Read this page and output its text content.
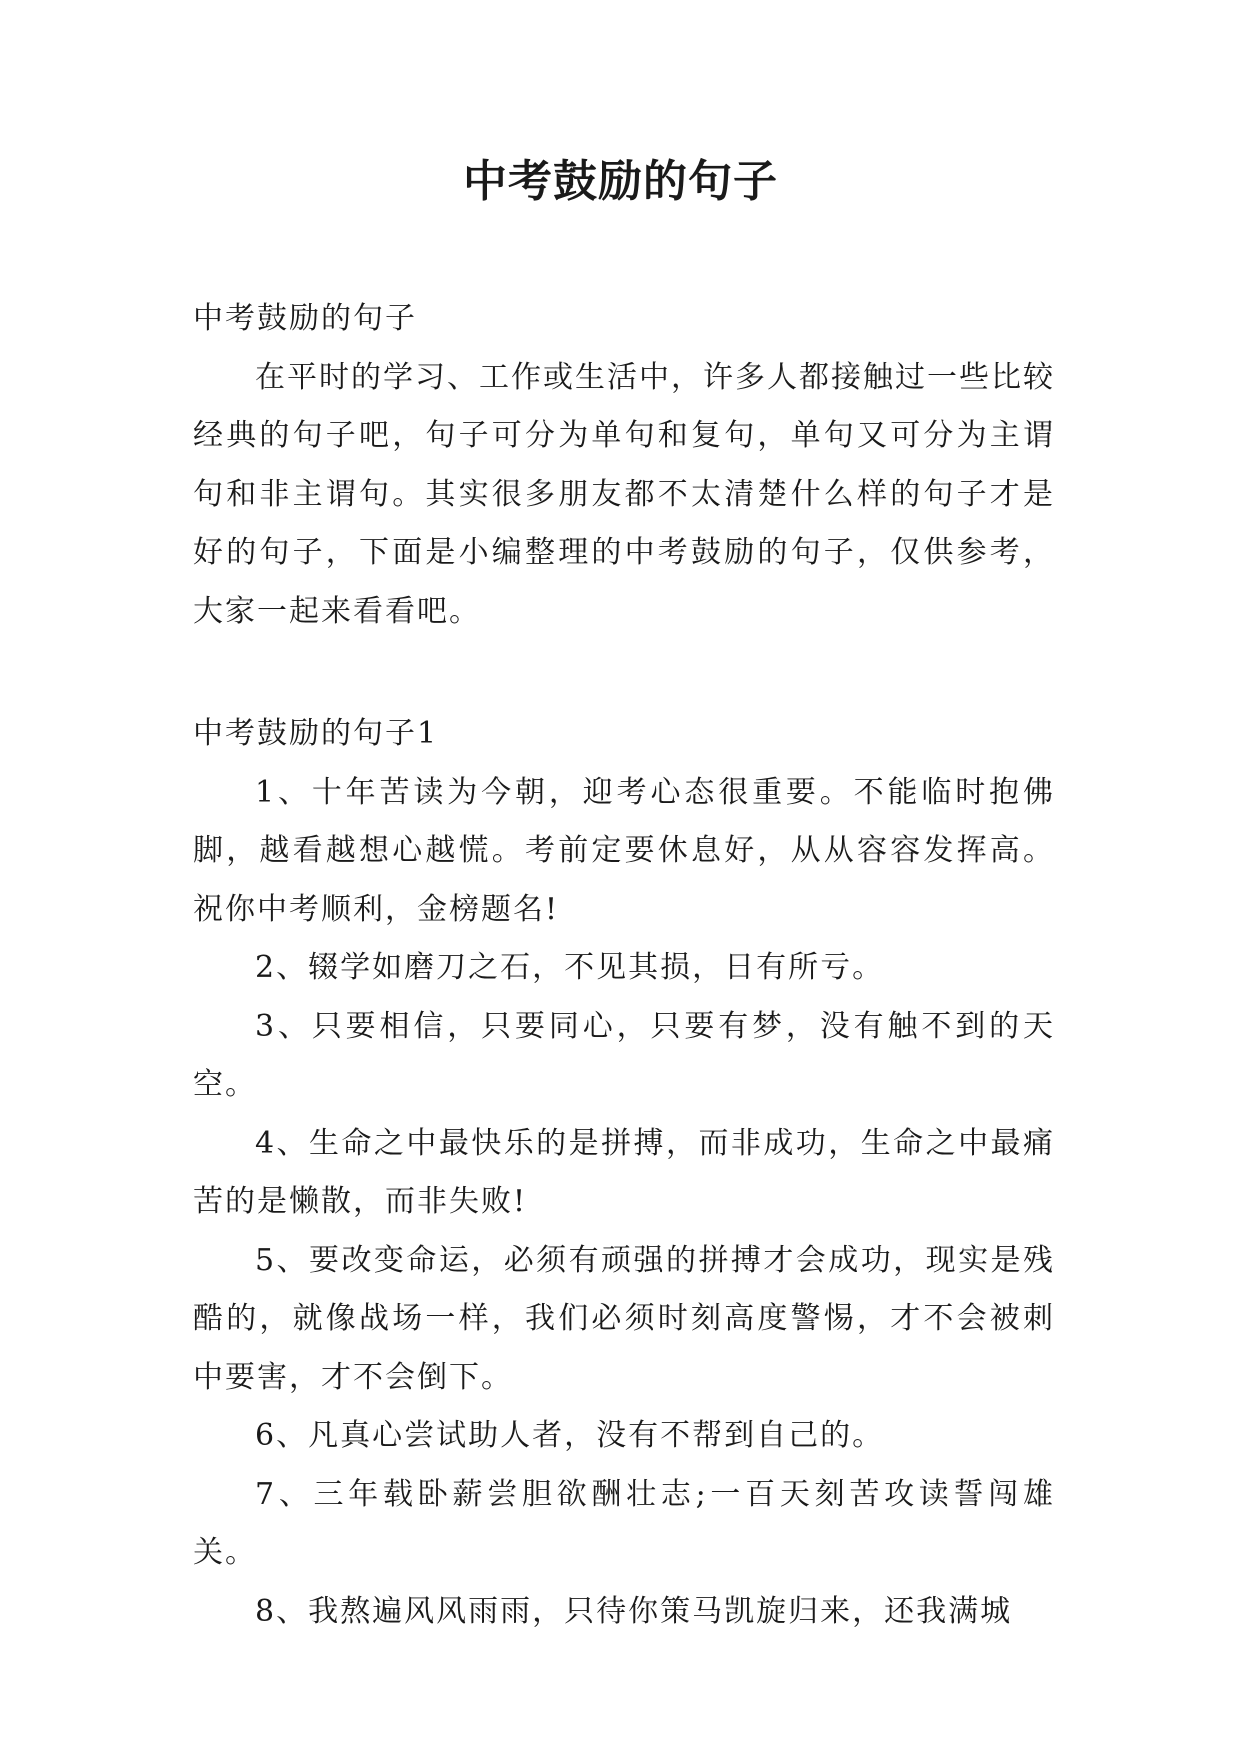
中考鼓励的句子

中考鼓励的句子

在平时的学习、工作或生活中，许多人都接触过一些比较经典的句子吧，句子可分为单句和复句，单句又可分为主谓句和非主谓句。其实很多朋友都不太清楚什么样的句子才是好的句子，下面是小编整理的中考鼓励的句子，仅供参考，大家一起来看看吧。

中考鼓励的句子1

1、十年苦读为今朝，迎考心态很重要。不能临时抱佛脚，越看越想心越慌。考前定要休息好，从从容容发挥高。祝你中考顺利，金榜题名!

2、辍学如磨刀之石，不见其损，日有所亏。

3、只要相信，只要同心，只要有梦，没有触不到的天空。

4、生命之中最快乐的是拼搏，而非成功，生命之中最痛苦的是懒散，而非失败!

5、要改变命运，必须有顽强的拼搏才会成功，现实是残酷的，就像战场一样，我们必须时刻高度警惕，才不会被刺中要害，才不会倒下。

6、凡真心尝试助人者，没有不帮到自己的。

7、三年载卧薪尝胆欲酬壮志;一百天刻苦攻读誓闯雄关。

8、我熬遍风风雨雨，只待你策马凯旋归来，还我满城
